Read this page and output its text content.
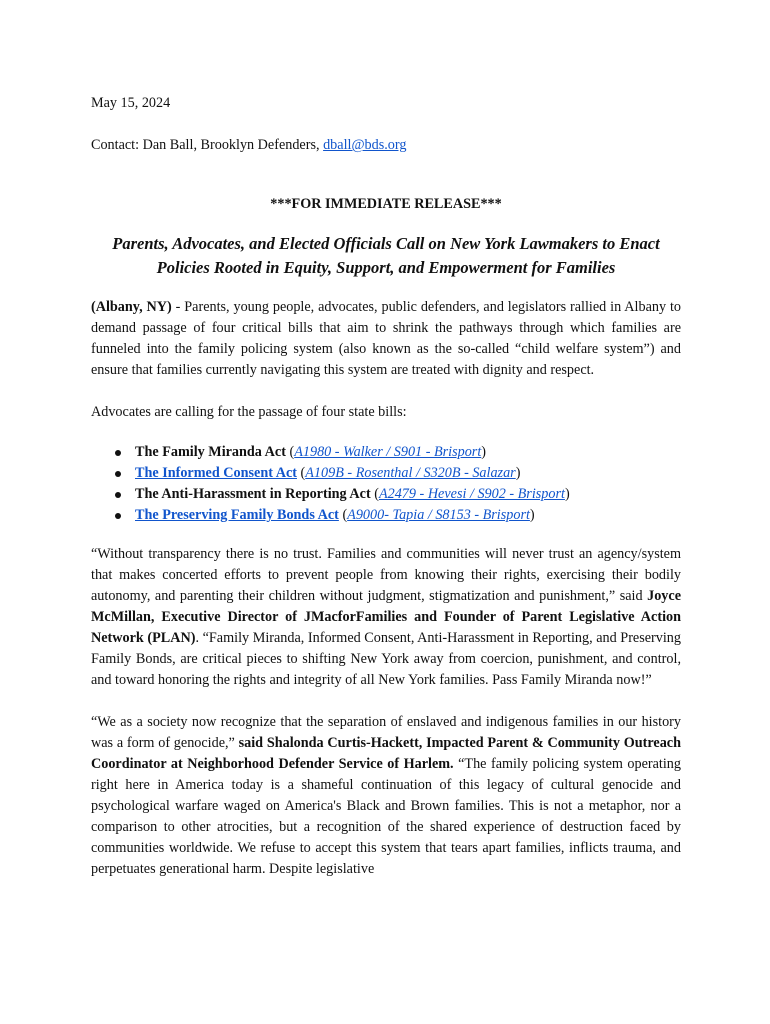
May 15, 2024

Contact: Dan Ball, Brooklyn Defenders, dball@bds.org

***FOR IMMEDIATE RELEASE***

Parents, Advocates, and Elected Officials Call on New York Lawmakers to Enact Policies Rooted in Equity, Support, and Empowerment for Families

(Albany, NY) - Parents, young people, advocates, public defenders, and legislators rallied in Albany to demand passage of four critical bills that aim to shrink the pathways through which families are funneled into the family policing system (also known as the so-called “child welfare system”) and ensure that families currently navigating this system are treated with dignity and respect.

Advocates are calling for the passage of four state bills:

The Family Miranda Act (A1980 - Walker / S901 - Brisport)
The Informed Consent Act (A109B - Rosenthal / S320B - Salazar)
The Anti-Harassment in Reporting Act (A2479 - Hevesi / S902 - Brisport)
The Preserving Family Bonds Act (A9000- Tapia / S8153 - Brisport)

“Without transparency there is no trust. Families and communities will never trust an agency/system that makes concerted efforts to prevent people from knowing their rights, exercising their bodily autonomy, and parenting their children without judgment, stigmatization and punishment,” said Joyce McMillan, Executive Director of JMacforFamilies and Founder of Parent Legislative Action Network (PLAN). “Family Miranda, Informed Consent, Anti-Harassment in Reporting, and Preserving Family Bonds, are critical pieces to shifting New York away from coercion, punishment, and control, and toward honoring the rights and integrity of all New York families. Pass Family Miranda now!”

“We as a society now recognize that the separation of enslaved and indigenous families in our history was a form of genocide,” said Shalonda Curtis-Hackett, Impacted Parent & Community Outreach Coordinator at Neighborhood Defender Service of Harlem. “The family policing system operating right here in America today is a shameful continuation of this legacy of cultural genocide and psychological warfare waged on America's Black and Brown families. This is not a metaphor, nor a comparison to other atrocities, but a recognition of the shared experience of destruction faced by communities worldwide. We refuse to accept this system that tears apart families, inflicts trauma, and perpetuates generational harm. Despite legislative
